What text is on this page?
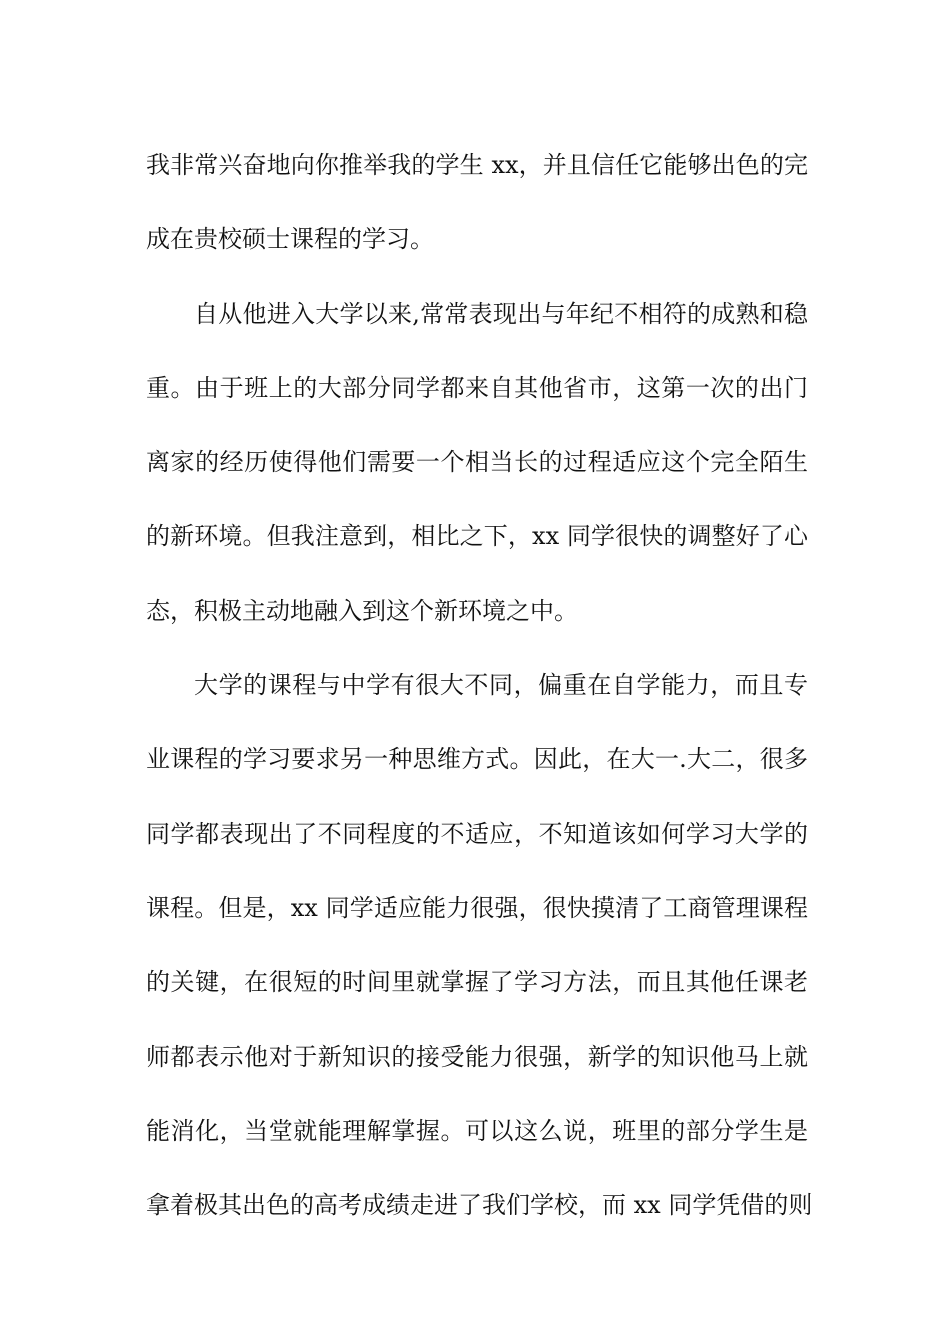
我非常兴奋地向你推举我的学生 xx，并且信任它能够出色的完
成在贵校硕士课程的学习。
自从他进入大学以来,常常表现出与年纪不相符的成熟和稳
重。由于班上的大部分同学都来自其他省市，这第一次的出门
离家的经历使得他们需要一个相当长的过程适应这个完全陌生
的新环境。但我注意到，相比之下，xx 同学很快的调整好了心
态，积极主动地融入到这个新环境之中。
大学的课程与中学有很大不同，偏重在自学能力，而且专
业课程的学习要求另一种思维方式。因此，在大一.大二，很多
同学都表现出了不同程度的不适应，不知道该如何学习大学的
课程。但是，xx 同学适应能力很强，很快摸清了工商管理课程
的关键，在很短的时间里就掌握了学习方法，而且其他任课老
师都表示他对于新知识的接受能力很强，新学的知识他马上就
能消化，当堂就能理解掌握。可以这么说，班里的部分学生是
拿着极其出色的高考成绩走进了我们学校，而 xx 同学凭借的则
